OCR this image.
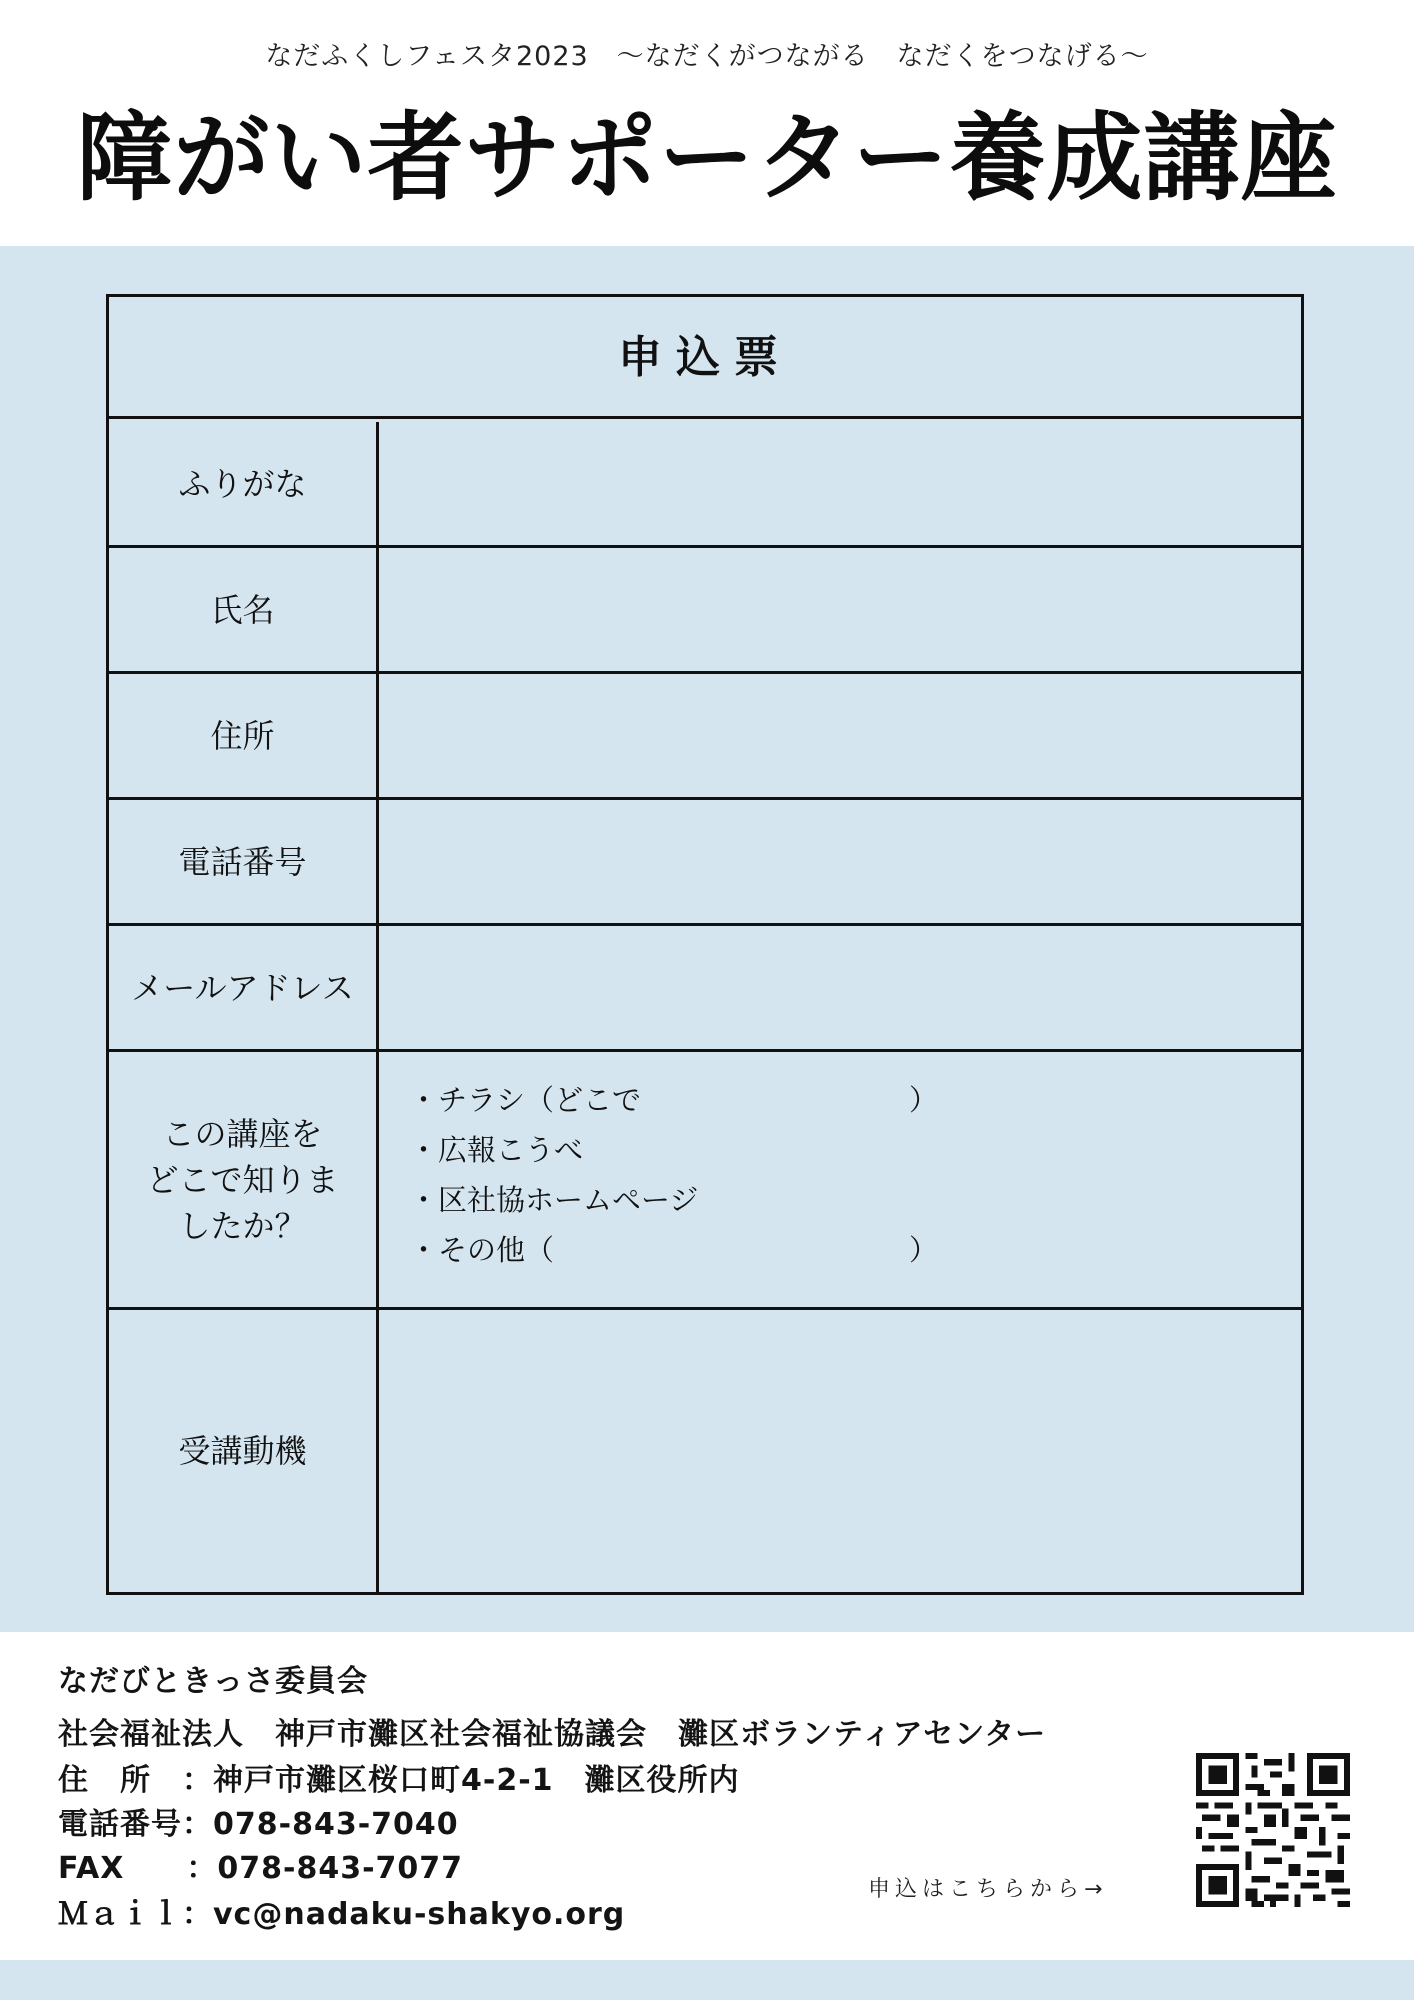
なだふくしフェスタ2023　～なだくがつながる　なだくをつなげる～
障がい者サポーター養成講座
申込票
ふりがな
氏名
住所
電話番号
メールアドレス
この講座を
どこで知りま
したか？
・チラシ（どこで	）
・広報こうべ
・区社協ホームページ
・その他（	）
受講動機
なだびときっさ委員会
社会福祉法人　神戸市灘区社会福祉協議会　灘区ボランティアセンター
住　所　：神戸市灘区桜口町4-2-1　灘区役所内
電話番号：078-843-7040
FAX　　：078-843-7077
Ｍａｉｌ：vc@nadaku-shakyo.org
申込はこちらから→
